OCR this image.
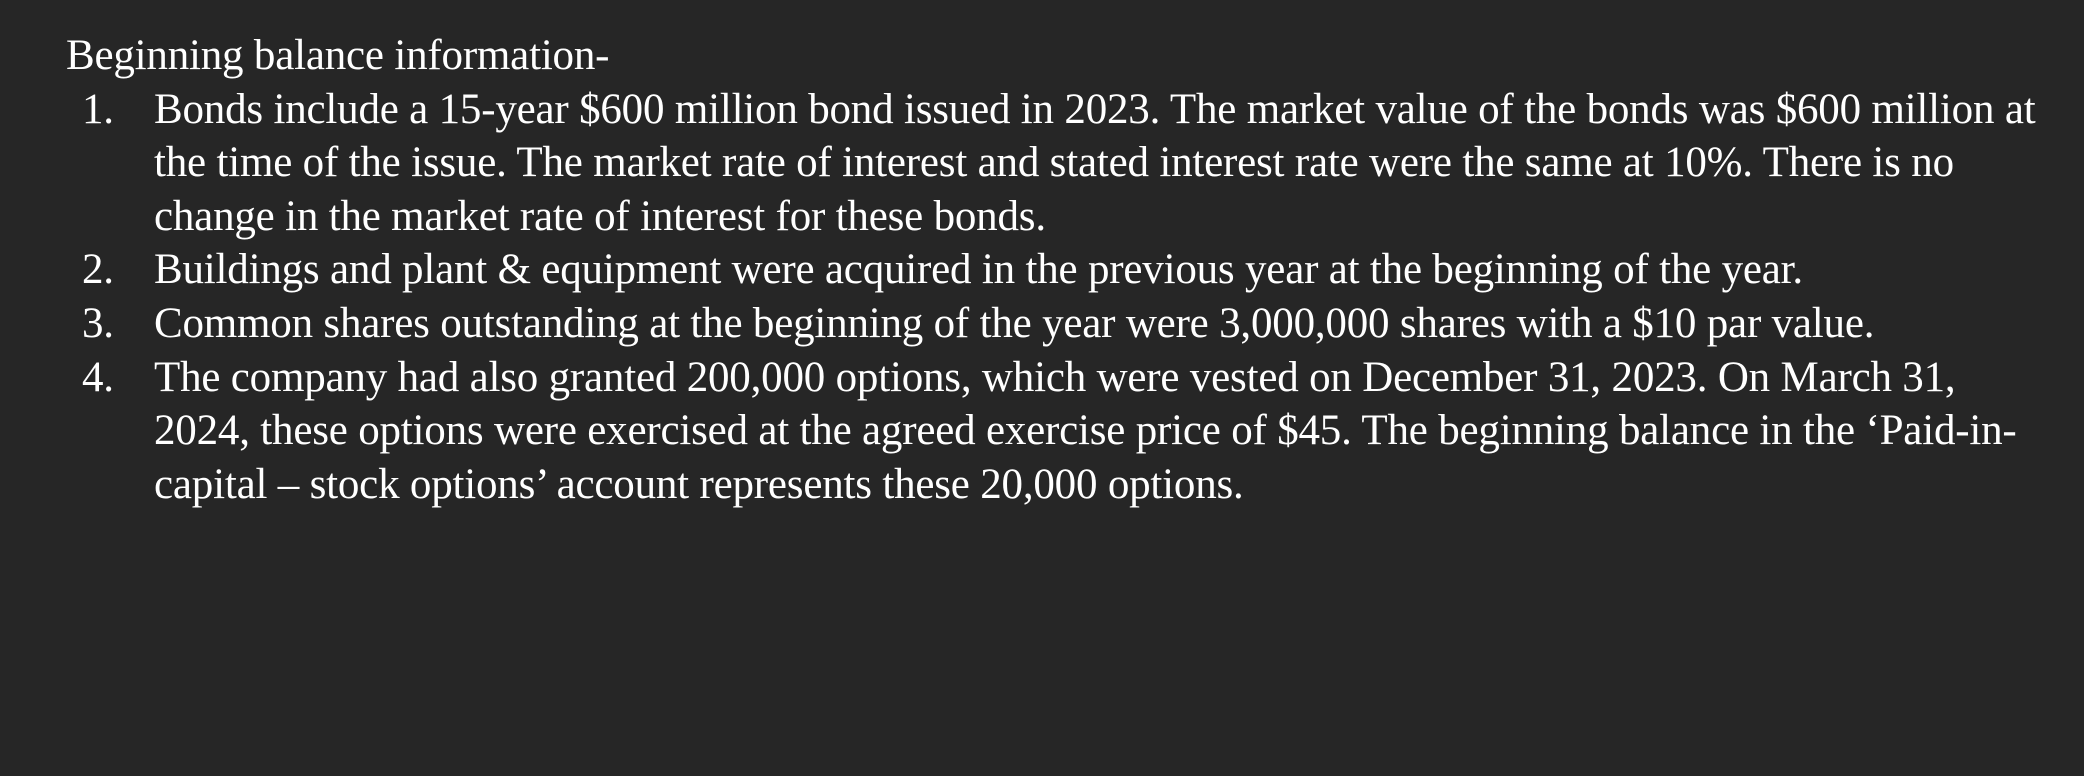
Beginning balance information-

1. Bonds include a 15-year $600 million bond issued in 2023. The market value of the bonds was $600 million at the time of the issue. The market rate of interest and stated interest rate were the same at 10%. There is no change in the market rate of interest for these bonds.
2. Buildings and plant & equipment were acquired in the previous year at the beginning of the year.
3. Common shares outstanding at the beginning of the year were 3,000,000 shares with a $10 par value.
4. The company had also granted 200,000 options, which were vested on December 31, 2023. On March 31, 2024, these options were exercised at the agreed exercise price of $45. The beginning balance in the ‘Paid-in-capital – stock options’ account represents these 20,000 options.
